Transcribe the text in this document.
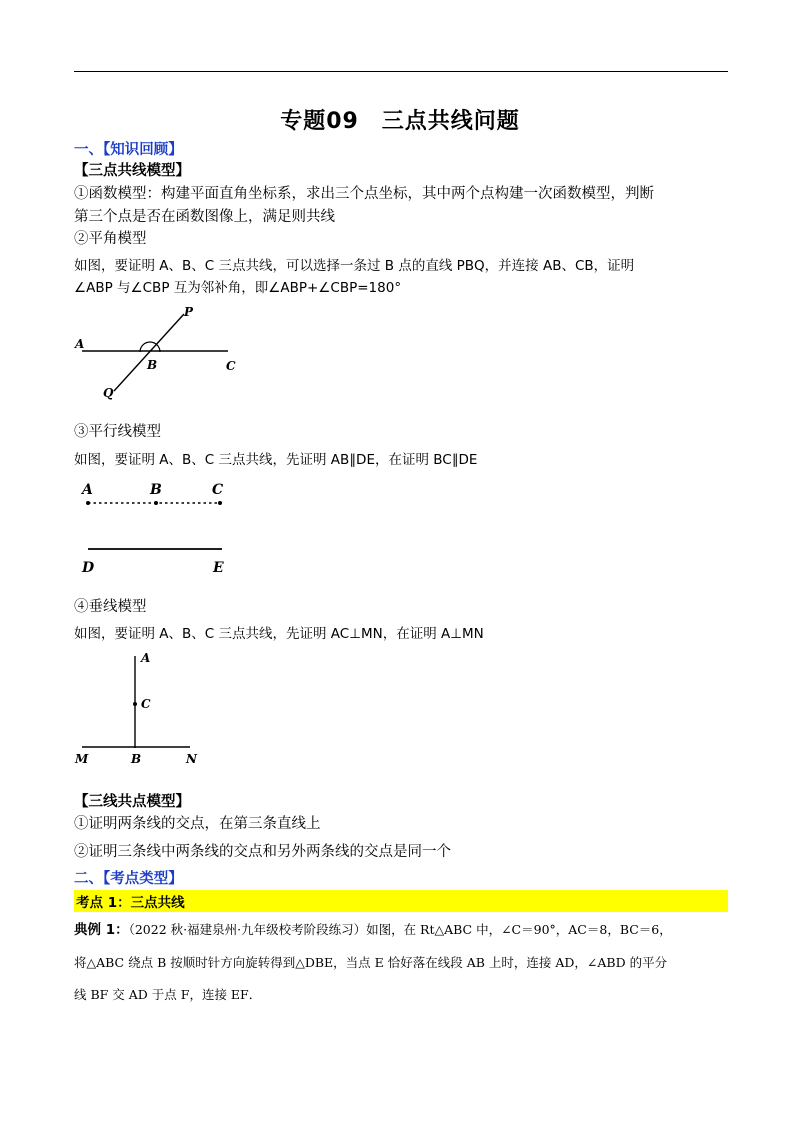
专题09　三点共线问题
一、【知识回顾】
【三点共线模型】
①函数模型：构建平面直角坐标系，求出三个点坐标，其中两个点构建一次函数模型，判断
第三个点是否在函数图像上，满足则共线
②平角模型
如图，要证明 A、B、C 三点共线，可以选择一条过 B 点的直线 PBQ，并连接 AB、CB，证明
∠ABP 与∠CBP 互为邻补角，即∠ABP+∠CBP=180°
A
B	C
P
Q
③平行线模型
如图，要证明 A、B、C 三点共线，先证明 AB∥DE，在证明 BC∥DE
A	B	C
D	E
④垂线模型
如图，要证明 A、B、C 三点共线，先证明 AC⊥MN，在证明 A⊥MN
A
C
M	B	N
【三线共点模型】
①证明两条线的交点，在第三条直线上
②证明三条线中两条线的交点和另外两条线的交点是同一个
二、【考点类型】
考点 1：三点共线
典例 1：（2022 秋·福建泉州·九年级校考阶段练习）如图，在 Rt△ABC 中，∠C＝90°，AC＝8，BC＝6，
将△ABC 绕点 B 按顺时针方向旋转得到△DBE，当点 E 恰好落在线段 AB 上时，连接 AD，∠ABD 的平分
线 BF 交 AD 于点 F，连接 EF．
